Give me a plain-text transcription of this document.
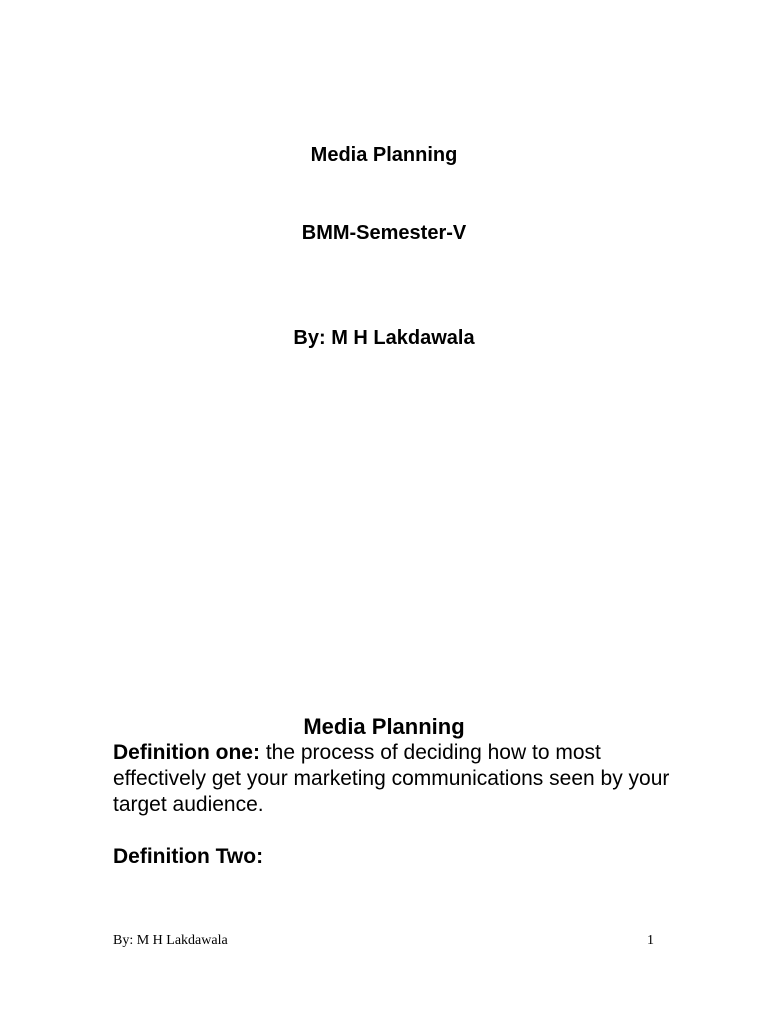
Media Planning
BMM-Semester-V
By: M H Lakdawala
Media Planning
Definition one: the process of deciding how to most effectively get your marketing communications seen by your target audience.
Definition Two:
By: M H Lakdawala	1
